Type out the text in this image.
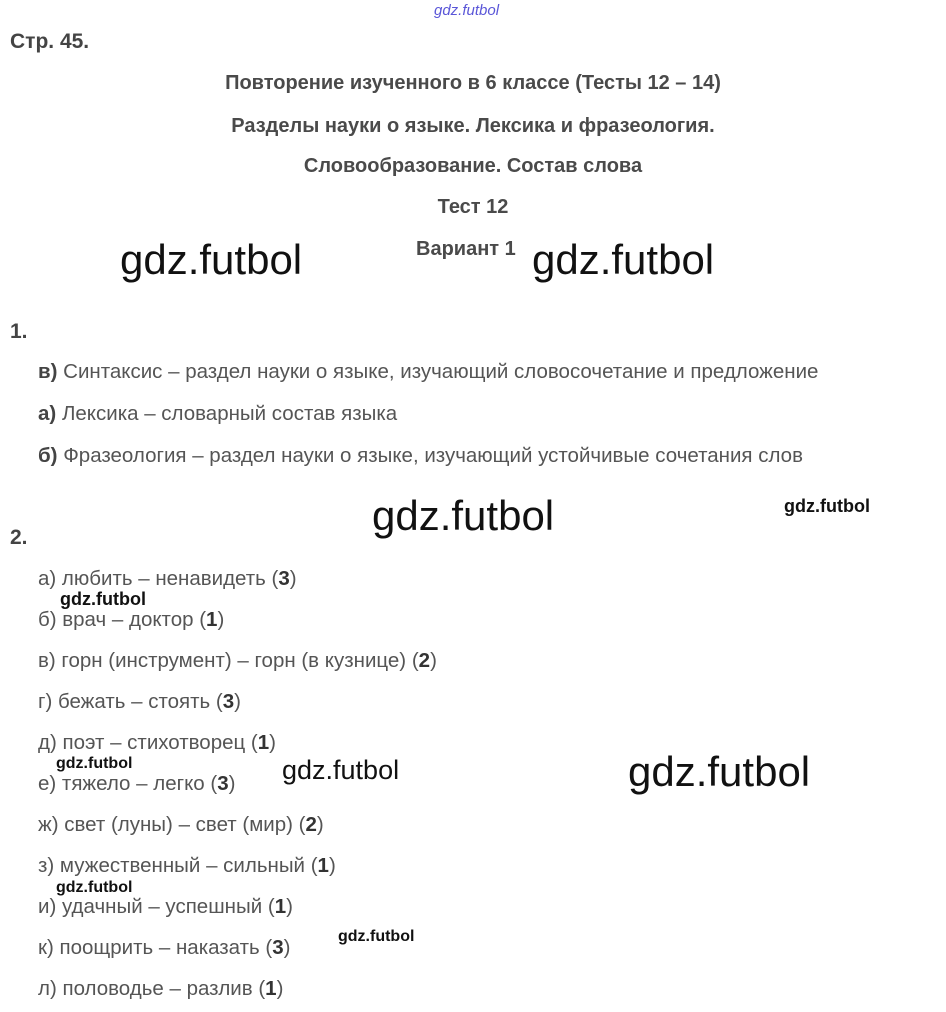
gdz.futbol
Стр. 45.
Повторение изученного в 6 классе (Тесты 12 – 14)
Разделы науки о языке. Лексика и фразеология.
Словообразование. Состав слова
Тест 12
Вариант 1
gdz.futbol	gdz.futbol
1.
в) Синтаксис – раздел науки о языке, изучающий словосочетание и предложение
а) Лексика – словарный состав языка
б) Фразеология – раздел науки о языке, изучающий устойчивые сочетания слов
gdz.futbol	gdz.futbol
2.
а) любить – ненавидеть (3)
б) врач – доктор (1)
в) горн (инструмент) – горн (в кузнице) (2)
г) бежать – стоять (3)
д) поэт – стихотворец (1)
е) тяжело – легко (3)
ж) свет (луны) – свет (мир) (2)
з) мужественный – сильный (1)
и) удачный – успешный (1)
к) поощрить – наказать (3)
л) половодье – разлив (1)
gdz.futbol
gdz.futbol	gdz.futbol	gdz.futbol
gdz.futbol
gdz.futbol
